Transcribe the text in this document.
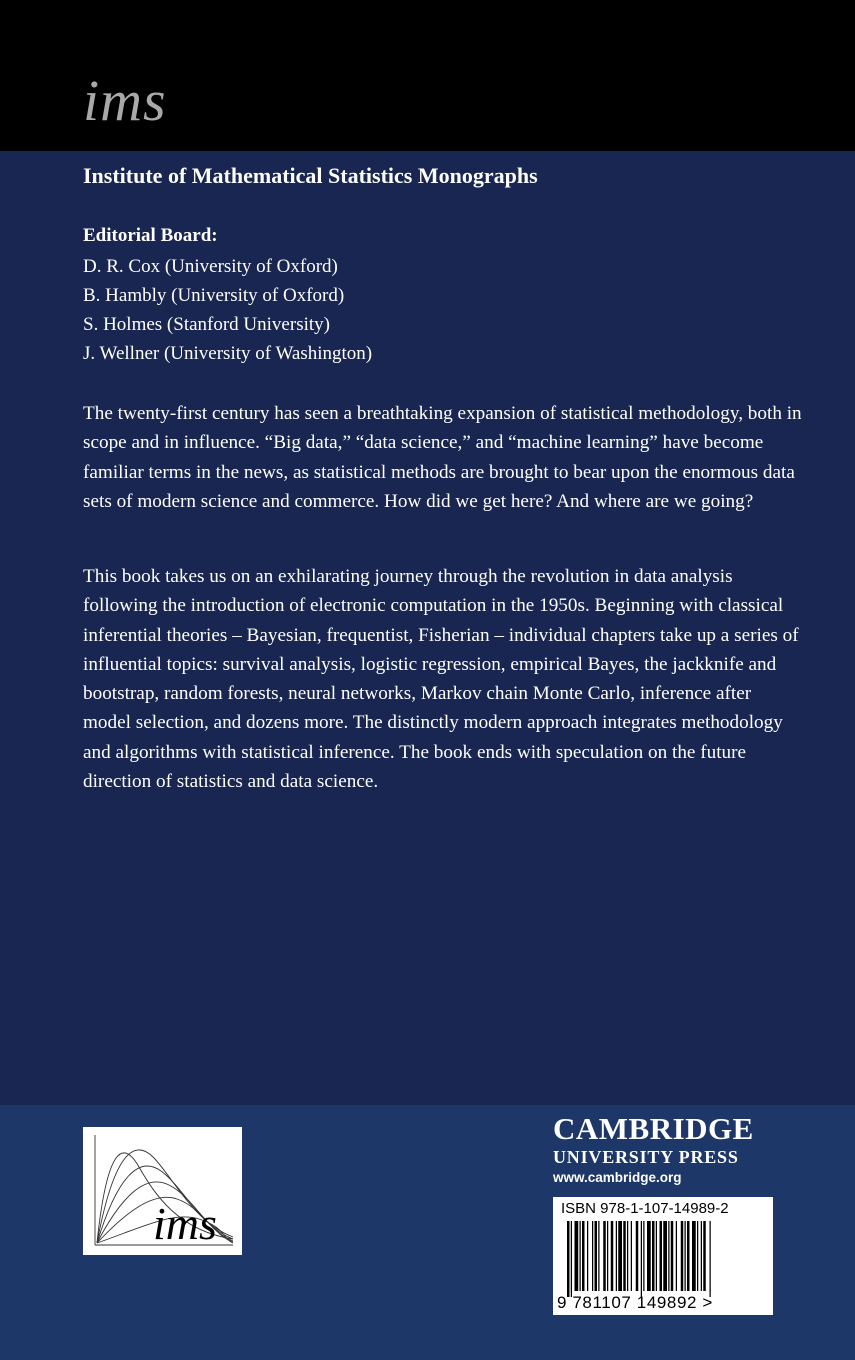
ims
Institute of Mathematical Statistics Monographs
Editorial Board:
D. R. Cox (University of Oxford)
B. Hambly (University of Oxford)
S. Holmes (Stanford University)
J. Wellner (University of Washington)

The twenty-first century has seen a breathtaking expansion of statistical methodology, both in scope and in influence. “Big data,” “data science,” and “machine learning” have become familiar terms in the news, as statistical methods are brought to bear upon the enormous data sets of modern science and commerce. How did we get here? And where are we going?

This book takes us on an exhilarating journey through the revolution in data analysis following the introduction of electronic computation in the 1950s. Beginning with classical inferential theories – Bayesian, frequentist, Fisherian – individual chapters take up a series of influential topics: survival analysis, logistic regression, empirical Bayes, the jackknife and bootstrap, random forests, neural networks, Markov chain Monte Carlo, inference after model selection, and dozens more. The distinctly modern approach integrates methodology and algorithms with statistical inference. The book ends with speculation on the future direction of statistics and data science.

ims
CAMBRIDGE
UNIVERSITY PRESS
www.cambridge.org
ISBN 978-1-107-14989-2
9 781107 149892 >
